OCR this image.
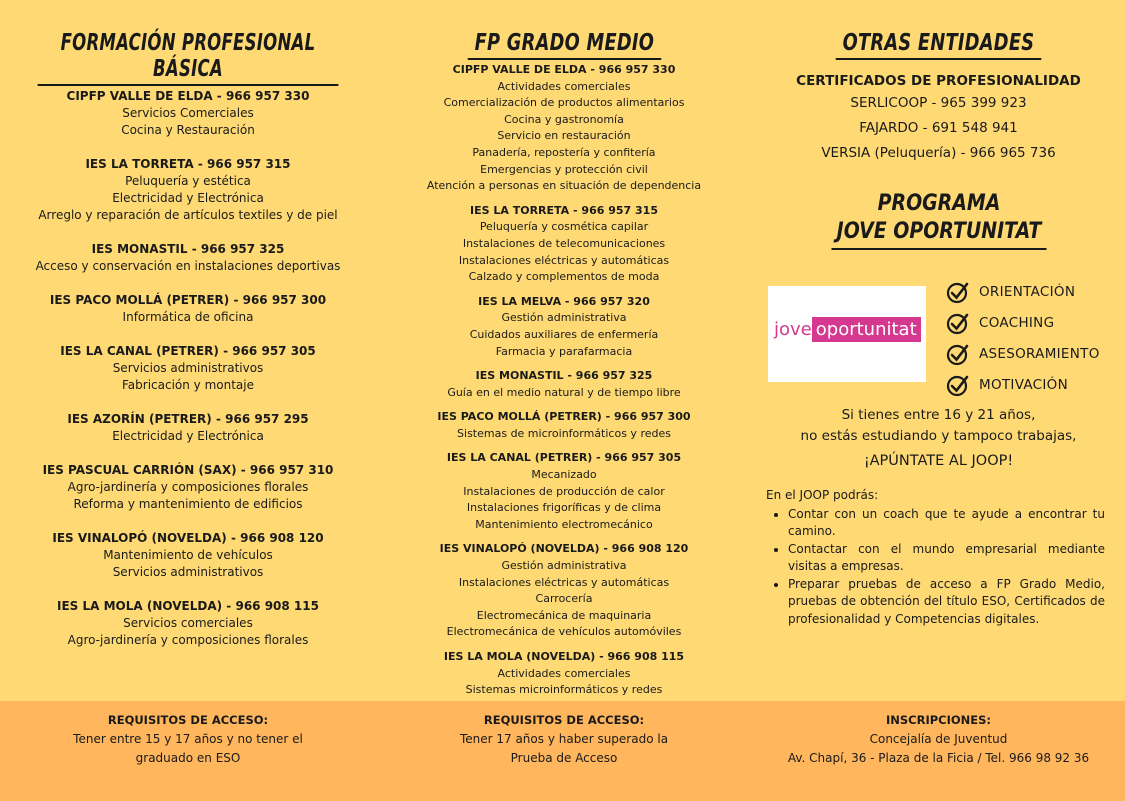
FORMACIÓN PROFESIONAL BÁSICA
CIPFP VALLE DE ELDA - 966 957 330
Servicios Comerciales
Cocina y Restauración
IES LA TORRETA - 966 957 315
Peluquería y estética
Electricidad y Electrónica
Arreglo y reparación de artículos textiles y de piel
IES MONASTIL - 966 957 325
Acceso y conservación en instalaciones deportivas
IES PACO MOLLÁ (PETRER) - 966 957 300
Informática de oficina
IES LA CANAL (PETRER) - 966 957 305
Servicios administrativos
Fabricación y montaje
IES AZORÍN (PETRER) - 966 957 295
Electricidad y Electrónica
IES PASCUAL CARRIÓN (SAX) - 966 957 310
Agro-jardinería y composiciones florales
Reforma y mantenimiento de edificios
IES VINALOPÓ (NOVELDA) - 966 908 120
Mantenimiento de vehículos
Servicios administrativos
IES LA MOLA (NOVELDA) - 966 908 115
Servicios comerciales
Agro-jardinería y composiciones florales
FP GRADO MEDIO
CIPFP VALLE DE ELDA - 966 957 330
Actividades comerciales
Comercialización de productos alimentarios
Cocina y gastronomía
Servicio en restauración
Panadería, repostería y confitería
Emergencias y protección civil
Atención a personas en situación de dependencia
IES LA TORRETA - 966 957 315
Peluquería y cosmética capilar
Instalaciones de telecomunicaciones
Instalaciones eléctricas y automáticas
Calzado y complementos de moda
IES LA MELVA - 966 957 320
Gestión administrativa
Cuidados auxiliares de enfermería
Farmacia y parafarmacia
IES MONASTIL - 966 957 325
Guía en el medio natural y de tiempo libre
IES PACO MOLLÁ (PETRER) - 966 957 300
Sistemas de microinformáticos y redes
IES LA CANAL (PETRER) - 966 957 305
Mecanizado
Instalaciones de producción de calor
Instalaciones frigoríficas y de clima
Mantenimiento electromecánico
IES VINALOPÓ (NOVELDA) - 966 908 120
Gestión administrativa
Instalaciones eléctricas y automáticas
Carrocería
Electromecánica de maquinaria
Electromecánica de vehículos automóviles
IES LA MOLA (NOVELDA) - 966 908 115
Actividades comerciales
Sistemas microinformáticos y redes
OTRAS ENTIDADES
CERTIFICADOS DE PROFESIONALIDAD
SERLICOOP - 965 399 923
FAJARDO - 691 548 941
VERSIA (Peluquería) - 966 965 736
PROGRAMA
JOVE OPORTUNITAT
jove oportunitat
ORIENTACIÓN
COACHING
ASESORAMIENTO
MOTIVACIÓN
Si tienes entre 16 y 21 años,
no estás estudiando y tampoco trabajas,
¡APÚNTATE AL JOOP!
En el JOOP podrás:
• Contar con un coach que te ayude a encontrar tu camino.
• Contactar con el mundo empresarial mediante visitas a empresas.
• Preparar pruebas de acceso a FP Grado Medio, pruebas de obtención del título ESO, Certificados de profesionalidad y Competencias digitales.
REQUISITOS DE ACCESO:
Tener entre 15 y 17 años y no tener el
graduado en ESO
REQUISITOS DE ACCESO:
Tener 17 años y haber superado la
Prueba de Acceso
INSCRIPCIONES:
Concejalía de Juventud
Av. Chapí, 36 - Plaza de la Ficia / Tel. 966 98 92 36
